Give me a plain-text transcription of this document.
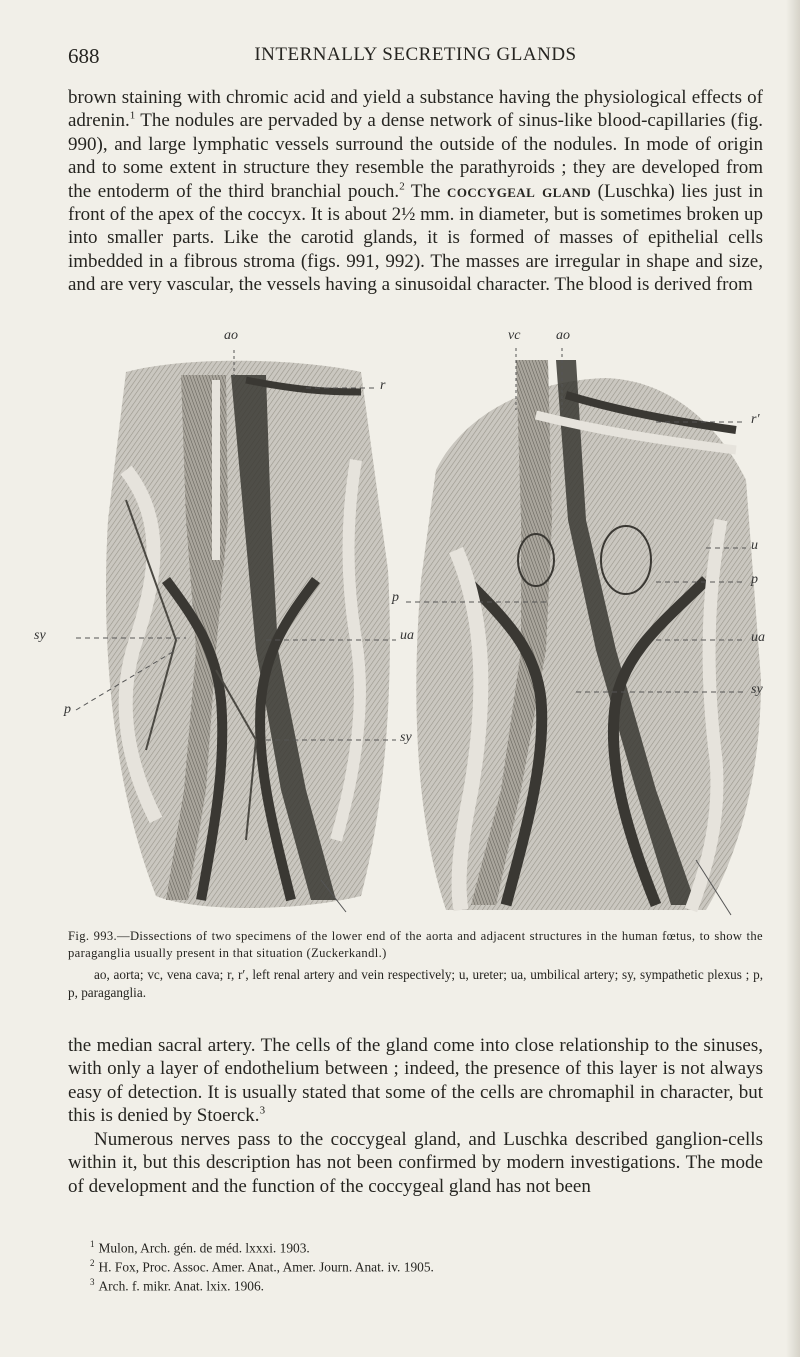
688	INTERNALLY SECRETING GLANDS

brown staining with chromic acid and yield a substance having the physiological effects of adrenin.$^1$ The nodules are pervaded by a dense network of sinus-like blood-capillaries (fig. 990), and large lymphatic vessels surround the outside of the nodules. In mode of origin and to some extent in structure they resemble the parathyroids ; they are developed from the entoderm of the third branchial pouch.$^2$ The coccygeal gland (Luschka) lies just in front of the apex of the coccyx. It is about 2½ mm. in diameter, but is sometimes broken up into smaller parts. Like the carotid glands, it is formed of masses of epithelial cells imbedded in a fibrous stroma (figs. 991, 992). The masses are irregular in shape and size, and are very vascular, the vessels having a sinusoidal character. The blood is derived from

ao
r
sy	ua
p
sy
vc	ao
r′
u
p
p
ua
sy

Fig. 993.—Dissections of two specimens of the lower end of the aorta and adjacent structures in the human fœtus, to show the paraganglia usually present in that situation (Zuckerkandl.)

ao, aorta; vc, vena cava; r, r′, left renal artery and vein respectively; u, ureter; ua, umbilical artery; sy, sympathetic plexus ; p, p, paraganglia.

the median sacral artery. The cells of the gland come into close relationship to the sinuses, with only a layer of endothelium between ; indeed, the presence of this layer is not always easy of detection. It is usually stated that some of the cells are chromaphil in character, but this is denied by Stoerck.$^3$

Numerous nerves pass to the coccygeal gland, and Luschka described ganglion-cells within it, but this description has not been confirmed by modern investigations. The mode of development and the function of the coccygeal gland has not been

$^1$ Mulon, Arch. gén. de méd. lxxxi. 1903.
$^2$ H. Fox, Proc. Assoc. Amer. Anat., Amer. Journ. Anat. iv. 1905.
$^3$ Arch. f. mikr. Anat. lxix. 1906.
